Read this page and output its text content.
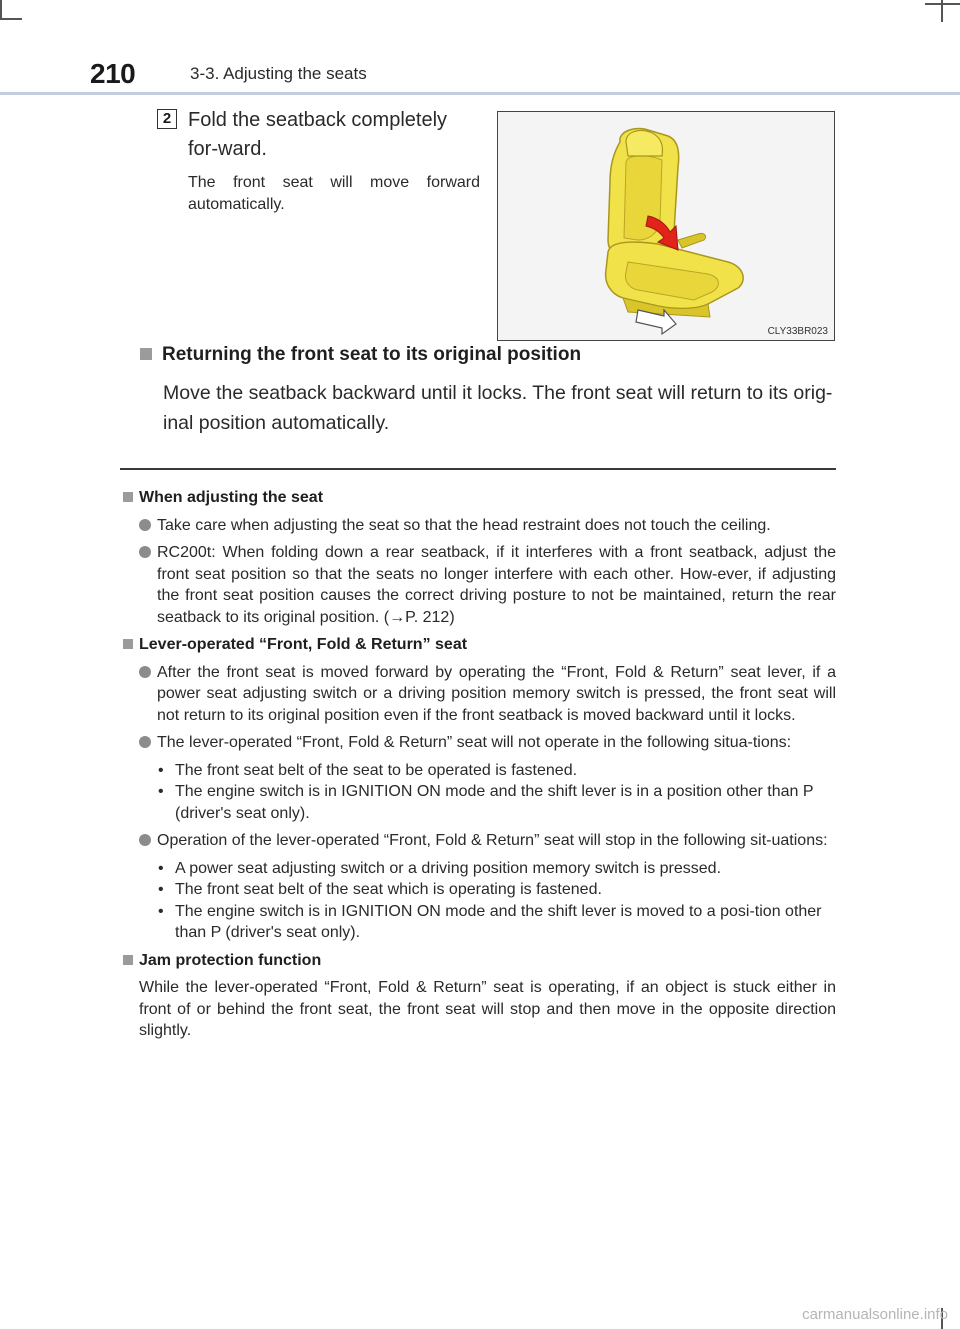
210	3-3. Adjusting the seats
2 Fold the seatback completely for-ward.
The front seat will move forward automatically.
CLY33BR023
Returning the front seat to its original position
Move the seatback backward until it locks. The front seat will return to its orig-inal position automatically.
When adjusting the seat
Take care when adjusting the seat so that the head restraint does not touch the ceiling.
RC200t: When folding down a rear seatback, if it interferes with a front seatback, adjust the front seat position so that the seats no longer interfere with each other. How-ever, if adjusting the front seat position causes the correct driving posture to not be maintained, return the rear seatback to its original position. (→P. 212)
Lever-operated “Front, Fold & Return” seat
After the front seat is moved forward by operating the “Front, Fold & Return” seat lever, if a power seat adjusting switch or a driving position memory switch is pressed, the front seat will not return to its original position even if the front seatback is moved backward until it locks.
The lever-operated “Front, Fold & Return” seat will not operate in the following situa-tions:
• The front seat belt of the seat to be operated is fastened.
• The engine switch is in IGNITION ON mode and the shift lever is in a position other than P (driver's seat only).
Operation of the lever-operated “Front, Fold & Return” seat will stop in the following sit-uations:
• A power seat adjusting switch or a driving position memory switch is pressed.
• The front seat belt of the seat which is operating is fastened.
• The engine switch is in IGNITION ON mode and the shift lever is moved to a posi-tion other than P (driver's seat only).
Jam protection function
While the lever-operated “Front, Fold & Return” seat is operating, if an object is stuck either in front of or behind the front seat, the front seat will stop and then move in the opposite direction slightly.
carmanualsonline.info
